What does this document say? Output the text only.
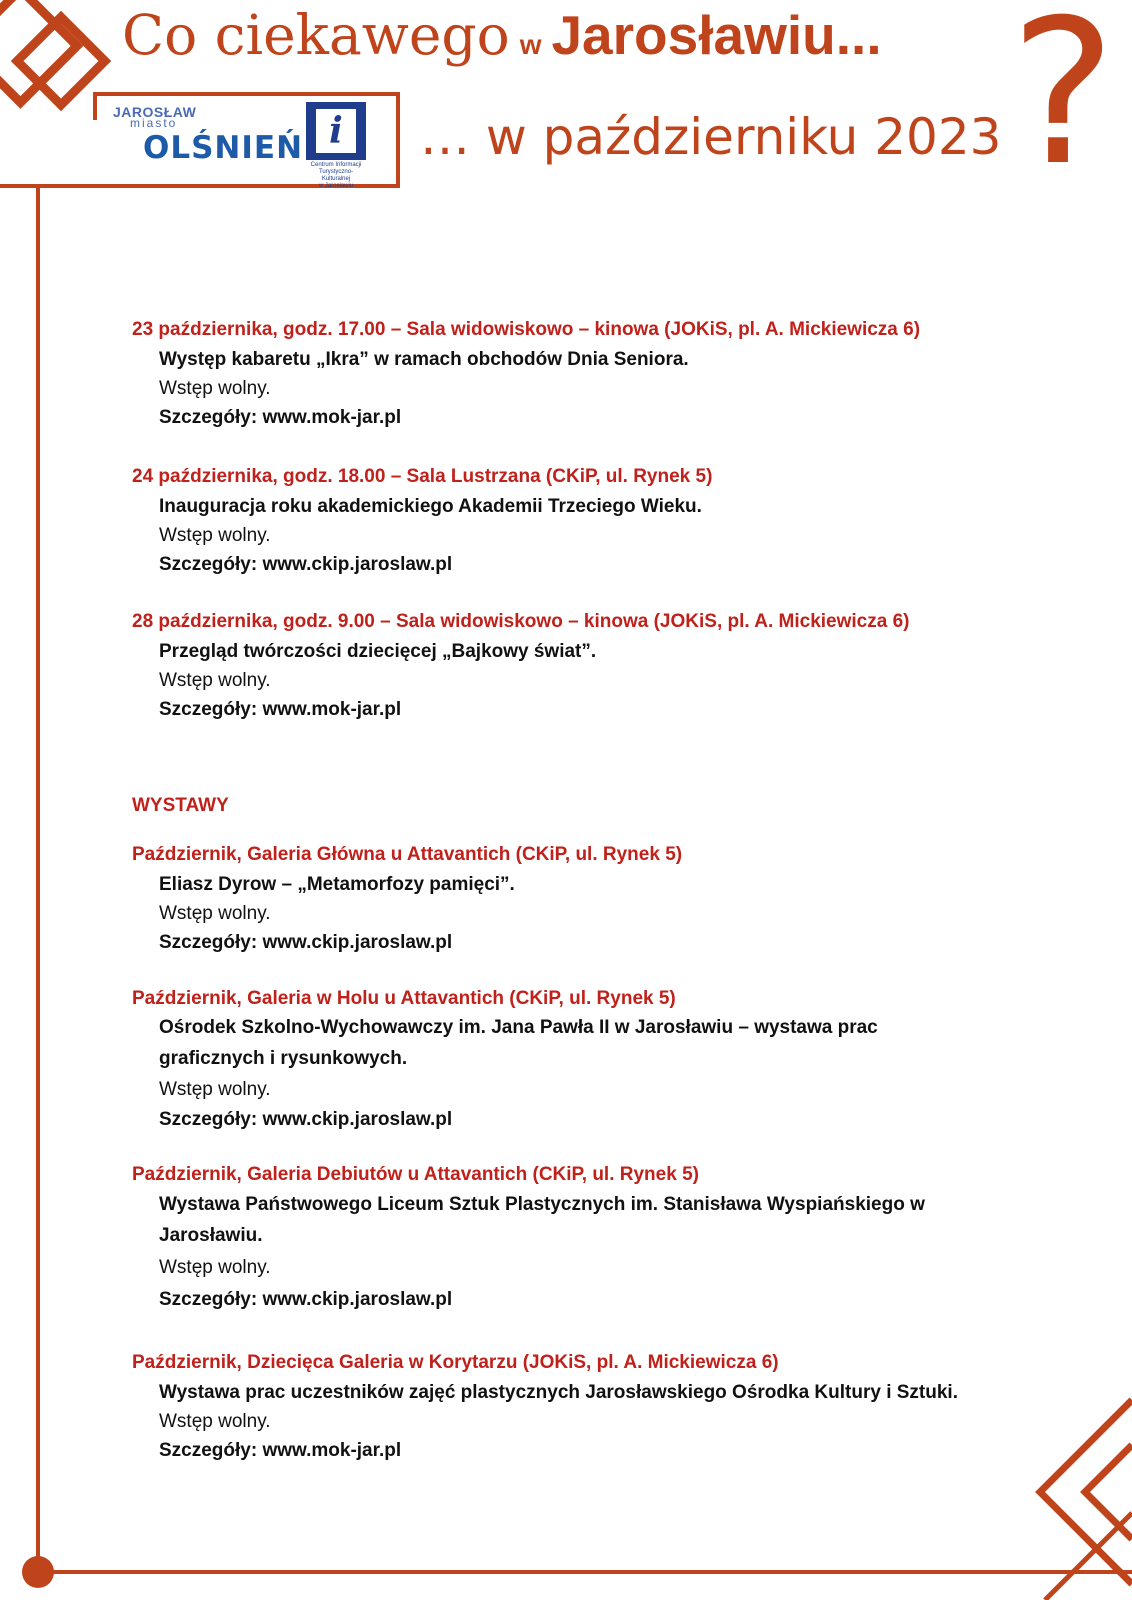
Co ciekawego w Jarosławiu...
… w październiku 2023 ?
JAROSŁAW
miasto
OLŚNIEŃ i
Centrum Informacji
Turystyczno-Kulturalnej
w Jarosławiu
23 października, godz. 17.00 – Sala widowiskowo – kinowa (JOKiS, pl. A. Mickiewicza 6)
Występ kabaretu „Ikra” w ramach obchodów Dnia Seniora.
Wstęp wolny.
Szczegóły: www.mok-jar.pl
24 października, godz. 18.00 – Sala Lustrzana (CKiP, ul. Rynek 5)
Inauguracja roku akademickiego Akademii Trzeciego Wieku.
Wstęp wolny.
Szczegóły: www.ckip.jaroslaw.pl
28 października, godz. 9.00 – Sala widowiskowo – kinowa (JOKiS, pl. A. Mickiewicza 6)
Przegląd twórczości dziecięcej „Bajkowy świat”.
Wstęp wolny.
Szczegóły: www.mok-jar.pl
WYSTAWY
Październik, Galeria Główna u Attavantich (CKiP, ul. Rynek 5)
Eliasz Dyrow – „Metamorfozy pamięci”.
Wstęp wolny.
Szczegóły: www.ckip.jaroslaw.pl
Październik, Galeria w Holu u Attavantich (CKiP, ul. Rynek 5)
Ośrodek Szkolno-Wychowawczy im. Jana Pawła II w Jarosławiu – wystawa prac
graficznych i rysunkowych.
Wstęp wolny.
Szczegóły: www.ckip.jaroslaw.pl
Październik, Galeria Debiutów u Attavantich (CKiP, ul. Rynek 5)
Wystawa Państwowego Liceum Sztuk Plastycznych im. Stanisława Wyspiańskiego w
Jarosławiu.
Wstęp wolny.
Szczegóły: www.ckip.jaroslaw.pl
Październik, Dziecięca Galeria w Korytarzu (JOKiS, pl. A. Mickiewicza 6)
Wystawa prac uczestników zajęć plastycznych Jarosławskiego Ośrodka Kultury i Sztuki.
Wstęp wolny.
Szczegóły: www.mok-jar.pl
